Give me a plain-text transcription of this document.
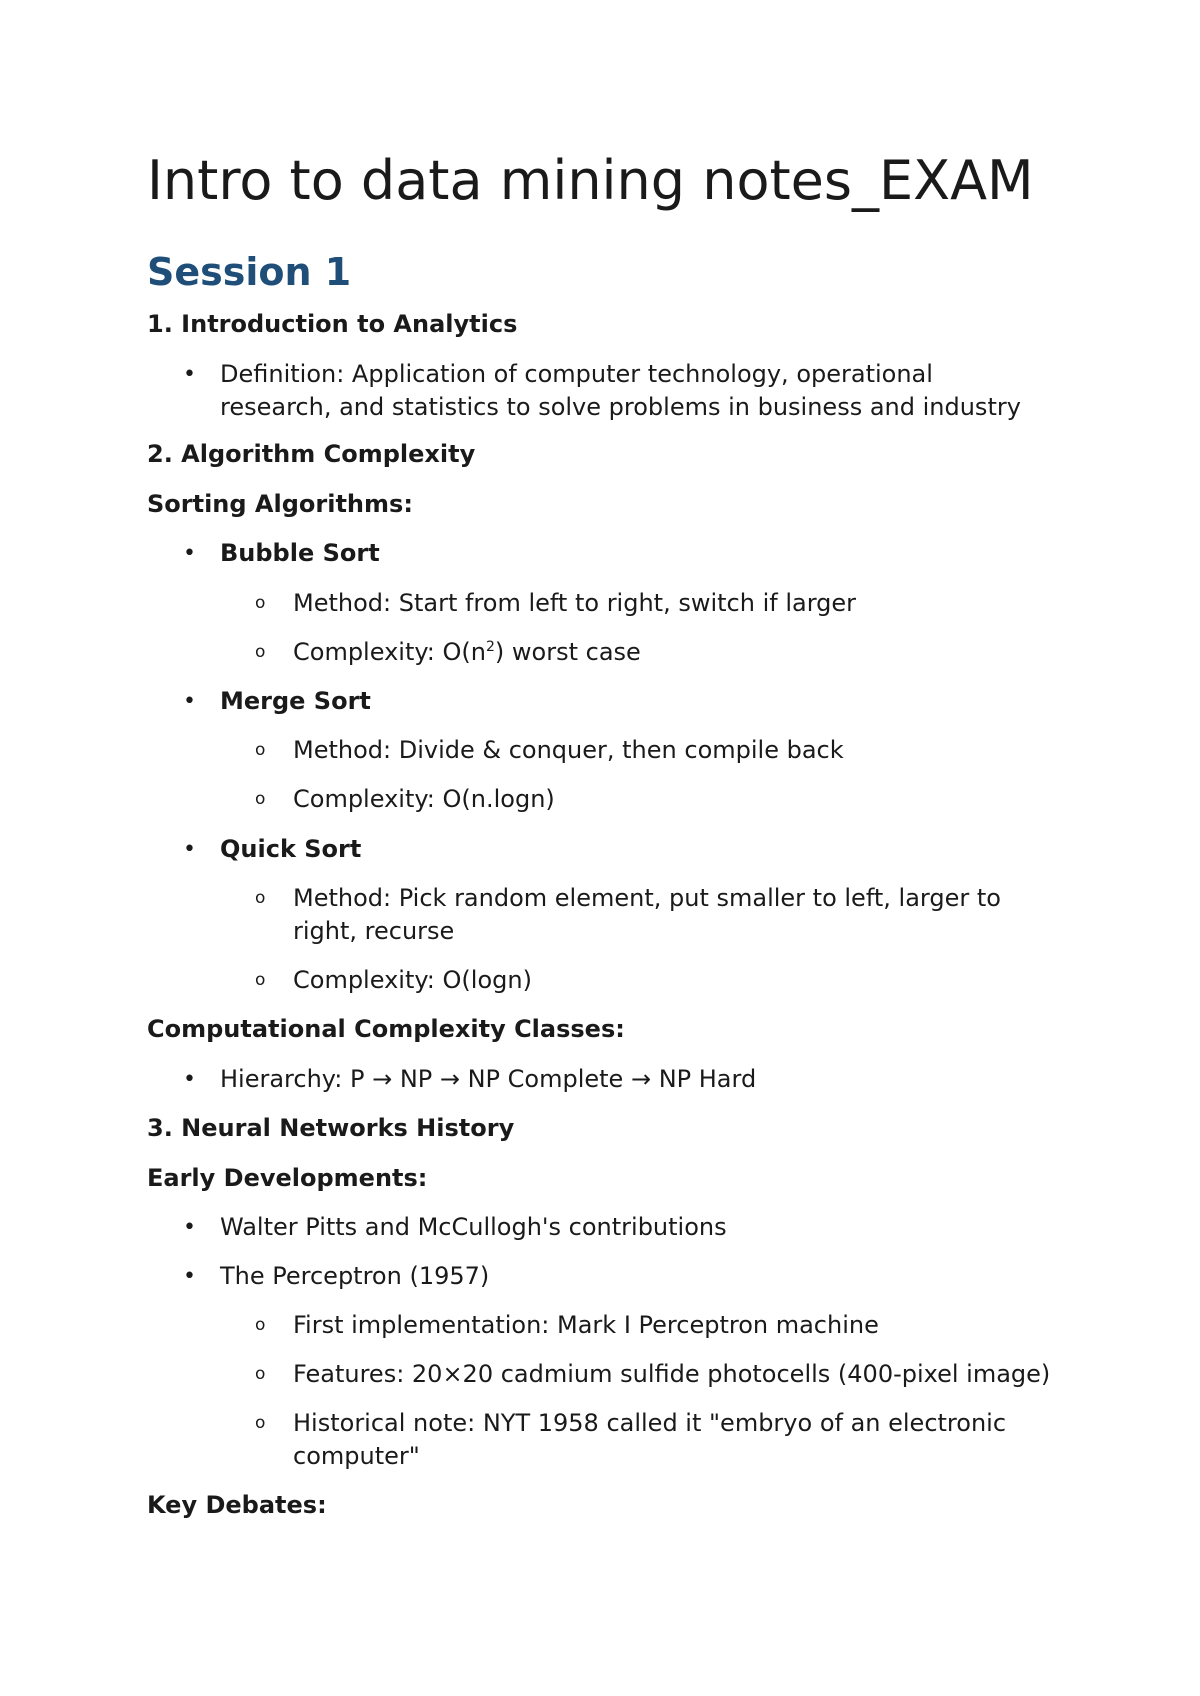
Intro to data mining notes_EXAM
Session 1
1. Introduction to Analytics
• Definition: Application of computer technology, operational
research, and statistics to solve problems in business and industry
2. Algorithm Complexity
Sorting Algorithms:
• Bubble Sort
o Method: Start from left to right, switch if larger
o Complexity: $O(n^2)$ worst case
• Merge Sort
o Method: Divide & conquer, then compile back
o Complexity: O(n.logn)
• Quick Sort
o Method: Pick random element, put smaller to left, larger to
right, recurse
o Complexity: O(logn)
Computational Complexity Classes:
• Hierarchy: P → NP → NP Complete → NP Hard
3. Neural Networks History
Early Developments:
• Walter Pitts and McCullogh's contributions
• The Perceptron (1957)
o First implementation: Mark I Perceptron machine
o Features: 20×20 cadmium sulfide photocells (400-pixel image)
o Historical note: NYT 1958 called it "embryo of an electronic
computer"
Key Debates:
